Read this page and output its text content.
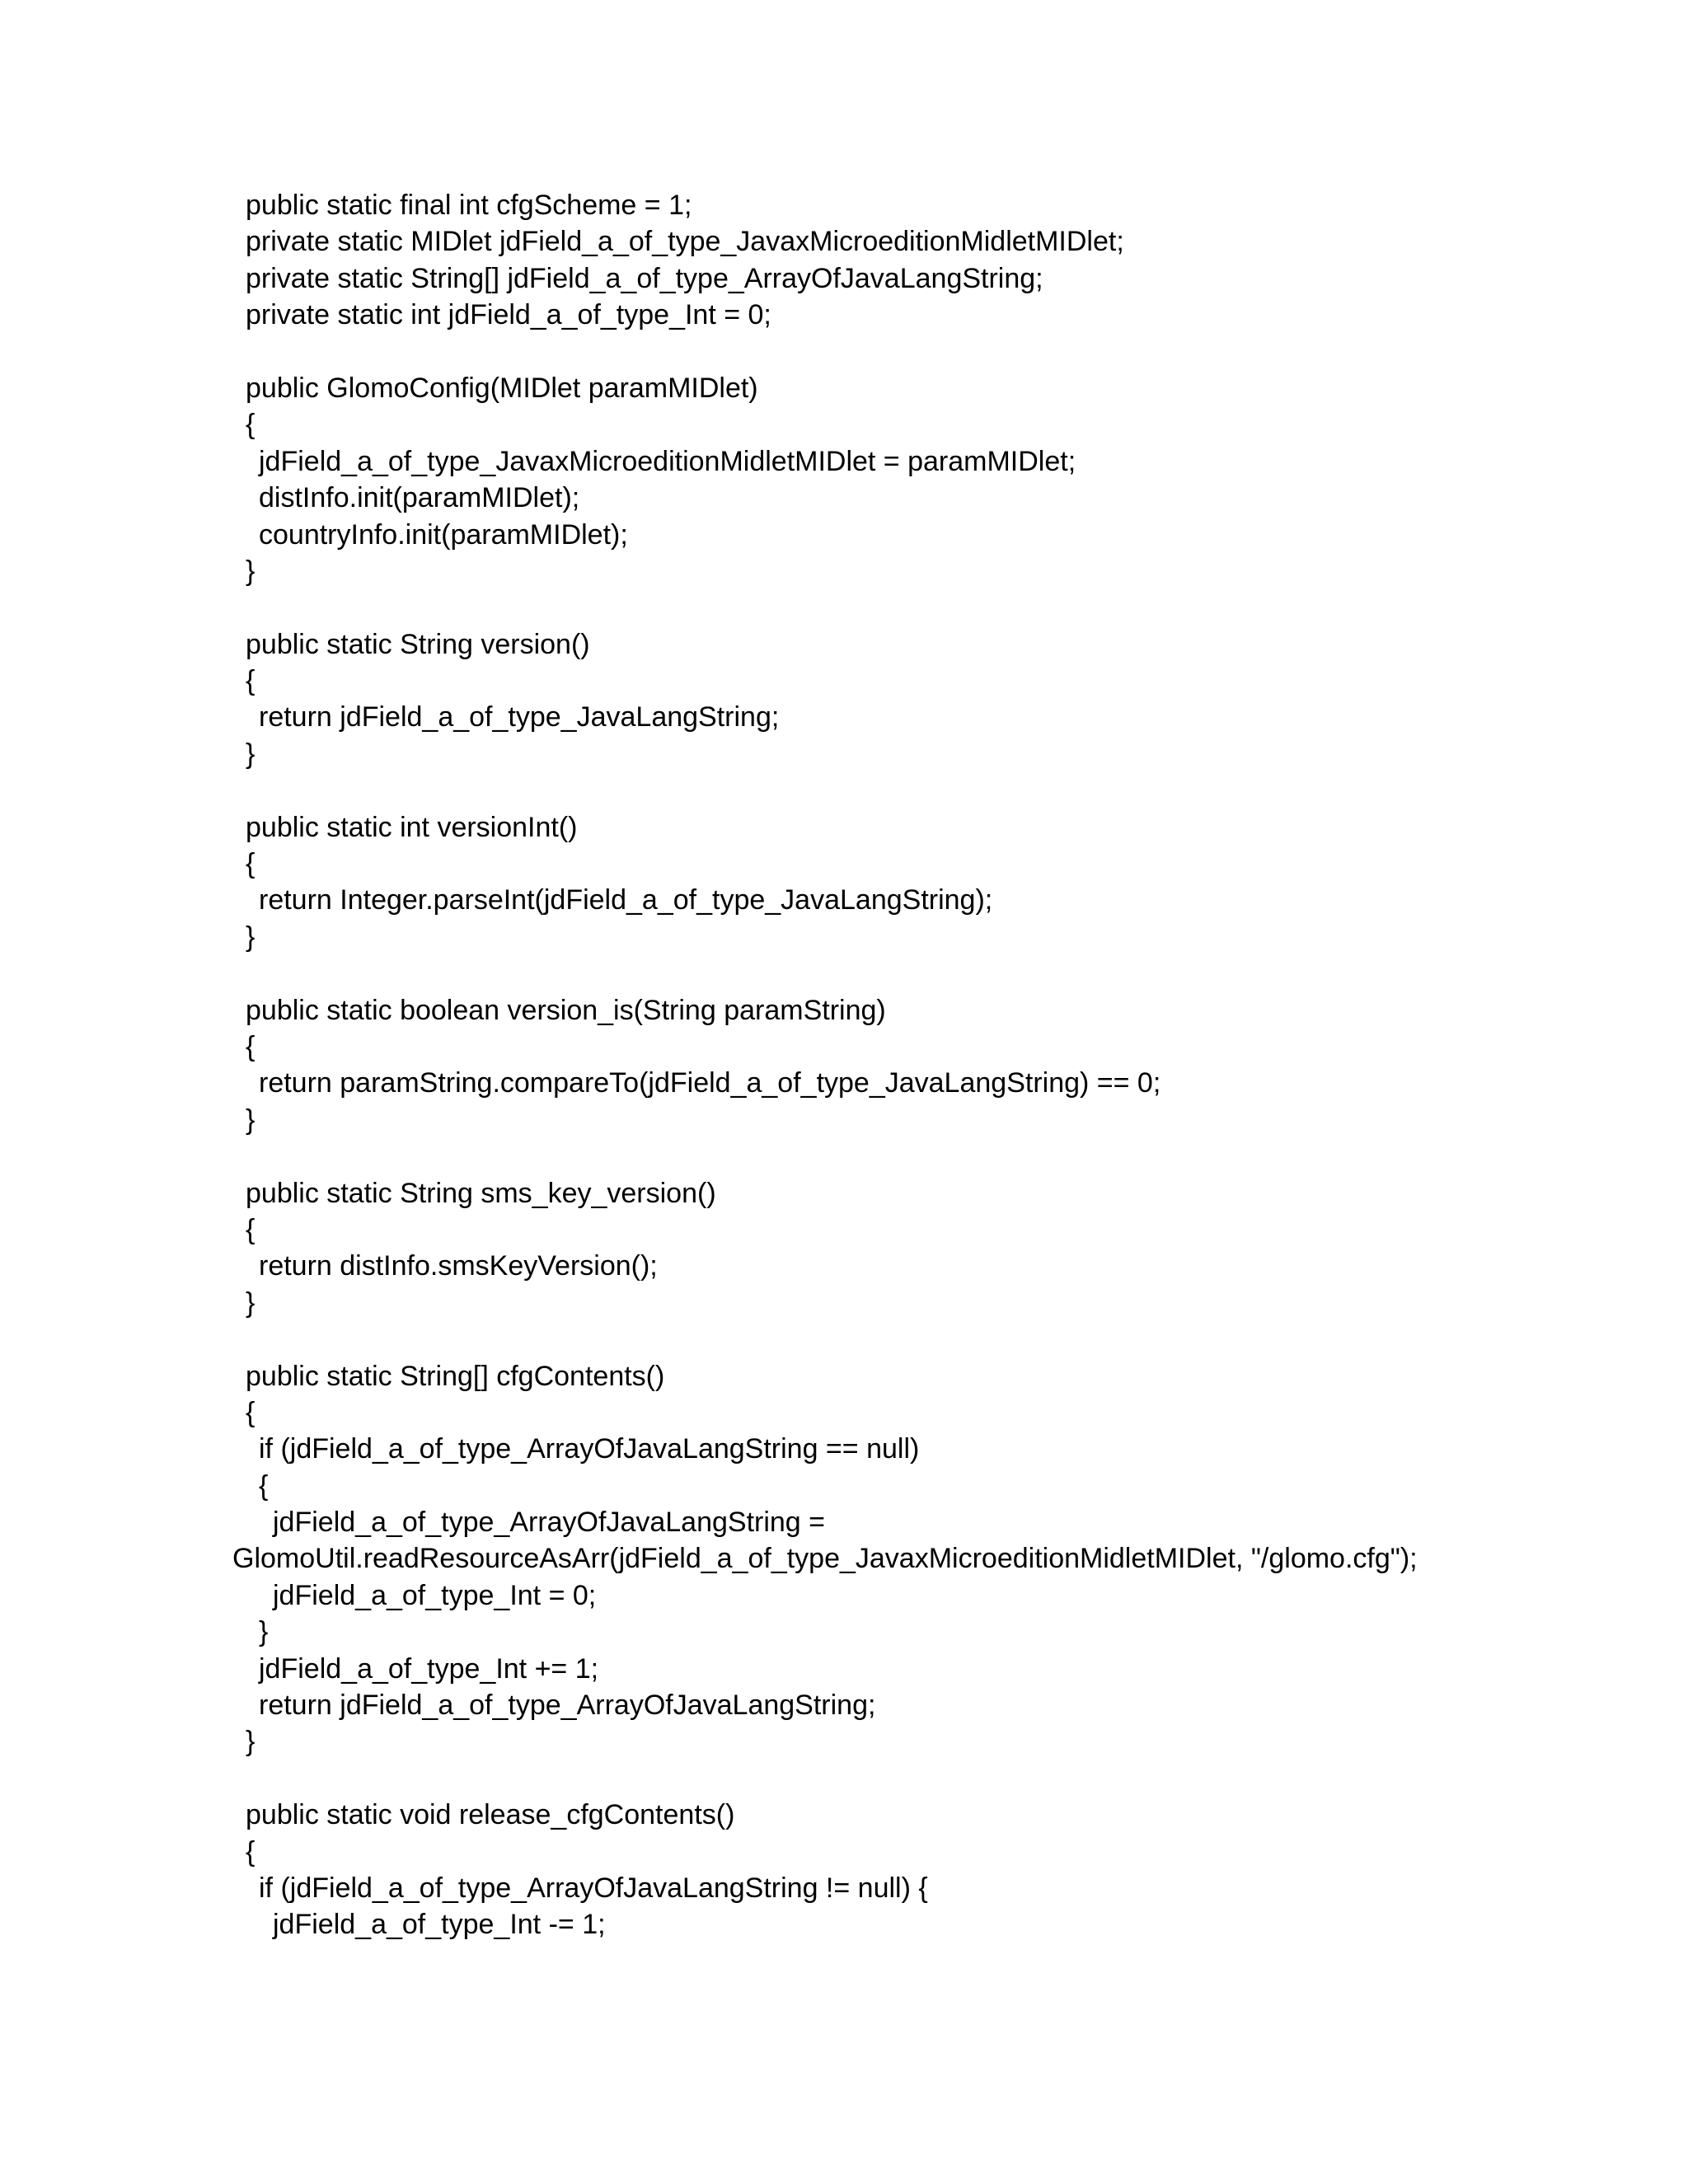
public static final int cfgScheme = 1;
private static MIDlet jdField_a_of_type_JavaxMicroeditionMidletMIDlet;
private static String[] jdField_a_of_type_ArrayOfJavaLangString;
private static int jdField_a_of_type_Int = 0;
public GlomoConfig(MIDlet paramMIDlet)
{
jdField_a_of_type_JavaxMicroeditionMidletMIDlet = paramMIDlet;
distInfo.init(paramMIDlet);
countryInfo.init(paramMIDlet);
}
public static String version()
{
return jdField_a_of_type_JavaLangString;
}
public static int versionInt()
{
return Integer.parseInt(jdField_a_of_type_JavaLangString);
}
public static boolean version_is(String paramString)
{
return paramString.compareTo(jdField_a_of_type_JavaLangString) == 0;
}
public static String sms_key_version()
{
return distInfo.smsKeyVersion();
}
public static String[] cfgContents()
{
if (jdField_a_of_type_ArrayOfJavaLangString == null)
{
jdField_a_of_type_ArrayOfJavaLangString =
GlomoUtil.readResourceAsArr(jdField_a_of_type_JavaxMicroeditionMidletMIDlet, "/glomo.cfg");
jdField_a_of_type_Int = 0;
}
jdField_a_of_type_Int += 1;
return jdField_a_of_type_ArrayOfJavaLangString;
}
public static void release_cfgContents()
{
if (jdField_a_of_type_ArrayOfJavaLangString != null) {
jdField_a_of_type_Int -= 1;
